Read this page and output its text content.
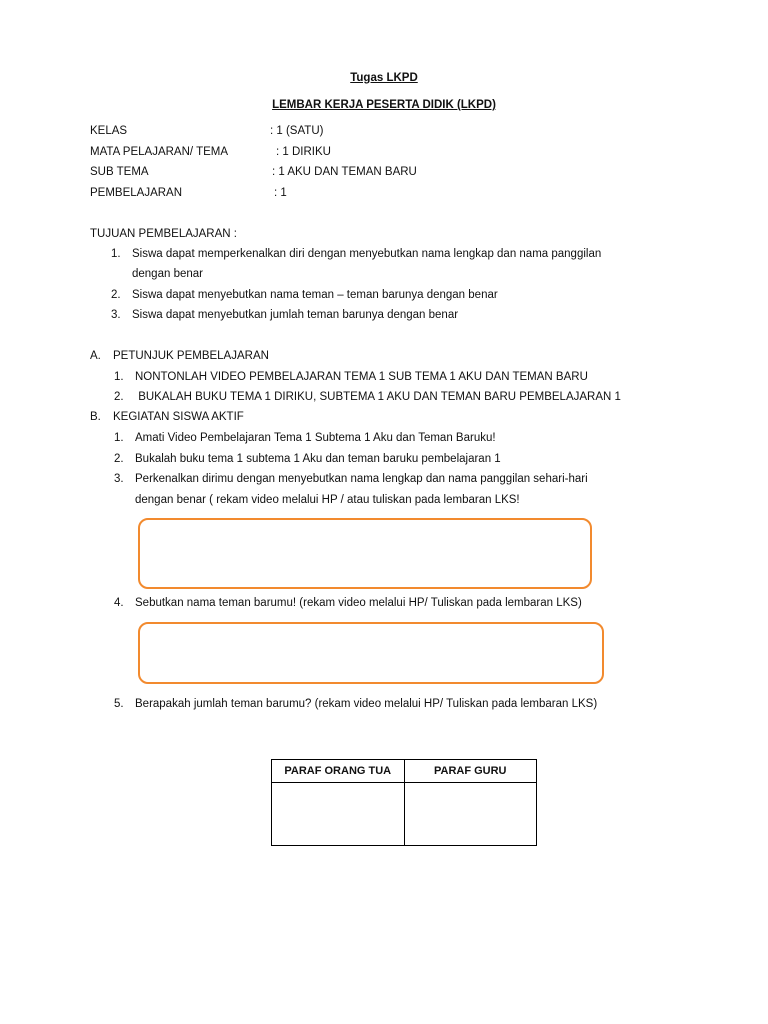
Tugas LKPD
LEMBAR KERJA PESERTA DIDIK (LKPD)
KELAS	: 1 (SATU)
MATA PELAJARAN/ TEMA	: 1 DIRIKU
SUB TEMA	: 1 AKU DAN TEMAN BARU
PEMBELAJARAN	: 1
TUJUAN PEMBELAJARAN :
1. Siswa dapat memperkenalkan diri dengan menyebutkan nama lengkap dan nama panggilan
dengan benar
2. Siswa dapat menyebutkan nama teman – teman barunya dengan benar
3. Siswa dapat menyebutkan jumlah teman barunya dengan benar
A. PETUNJUK PEMBELAJARAN
1. NONTONLAH VIDEO PEMBELAJARAN TEMA 1 SUB TEMA 1 AKU DAN TEMAN BARU
2. BUKALAH BUKU TEMA 1 DIRIKU, SUBTEMA 1 AKU DAN TEMAN BARU PEMBELAJARAN 1
B. KEGIATAN SISWA AKTIF
1. Amati Video Pembelajaran Tema 1 Subtema 1 Aku dan Teman Baruku!
2. Bukalah buku tema 1 subtema 1 Aku dan teman baruku pembelajaran 1
3. Perkenalkan dirimu dengan menyebutkan nama lengkap dan nama panggilan sehari-hari
dengan benar ( rekam video melalui HP / atau tuliskan pada lembaran LKS!
4. Sebutkan nama teman barumu! (rekam video melalui HP/ Tuliskan pada lembaran LKS)
5. Berapakah jumlah teman barumu? (rekam video melalui HP/ Tuliskan pada lembaran LKS)
PARAF ORANG TUA	PARAF GURU
